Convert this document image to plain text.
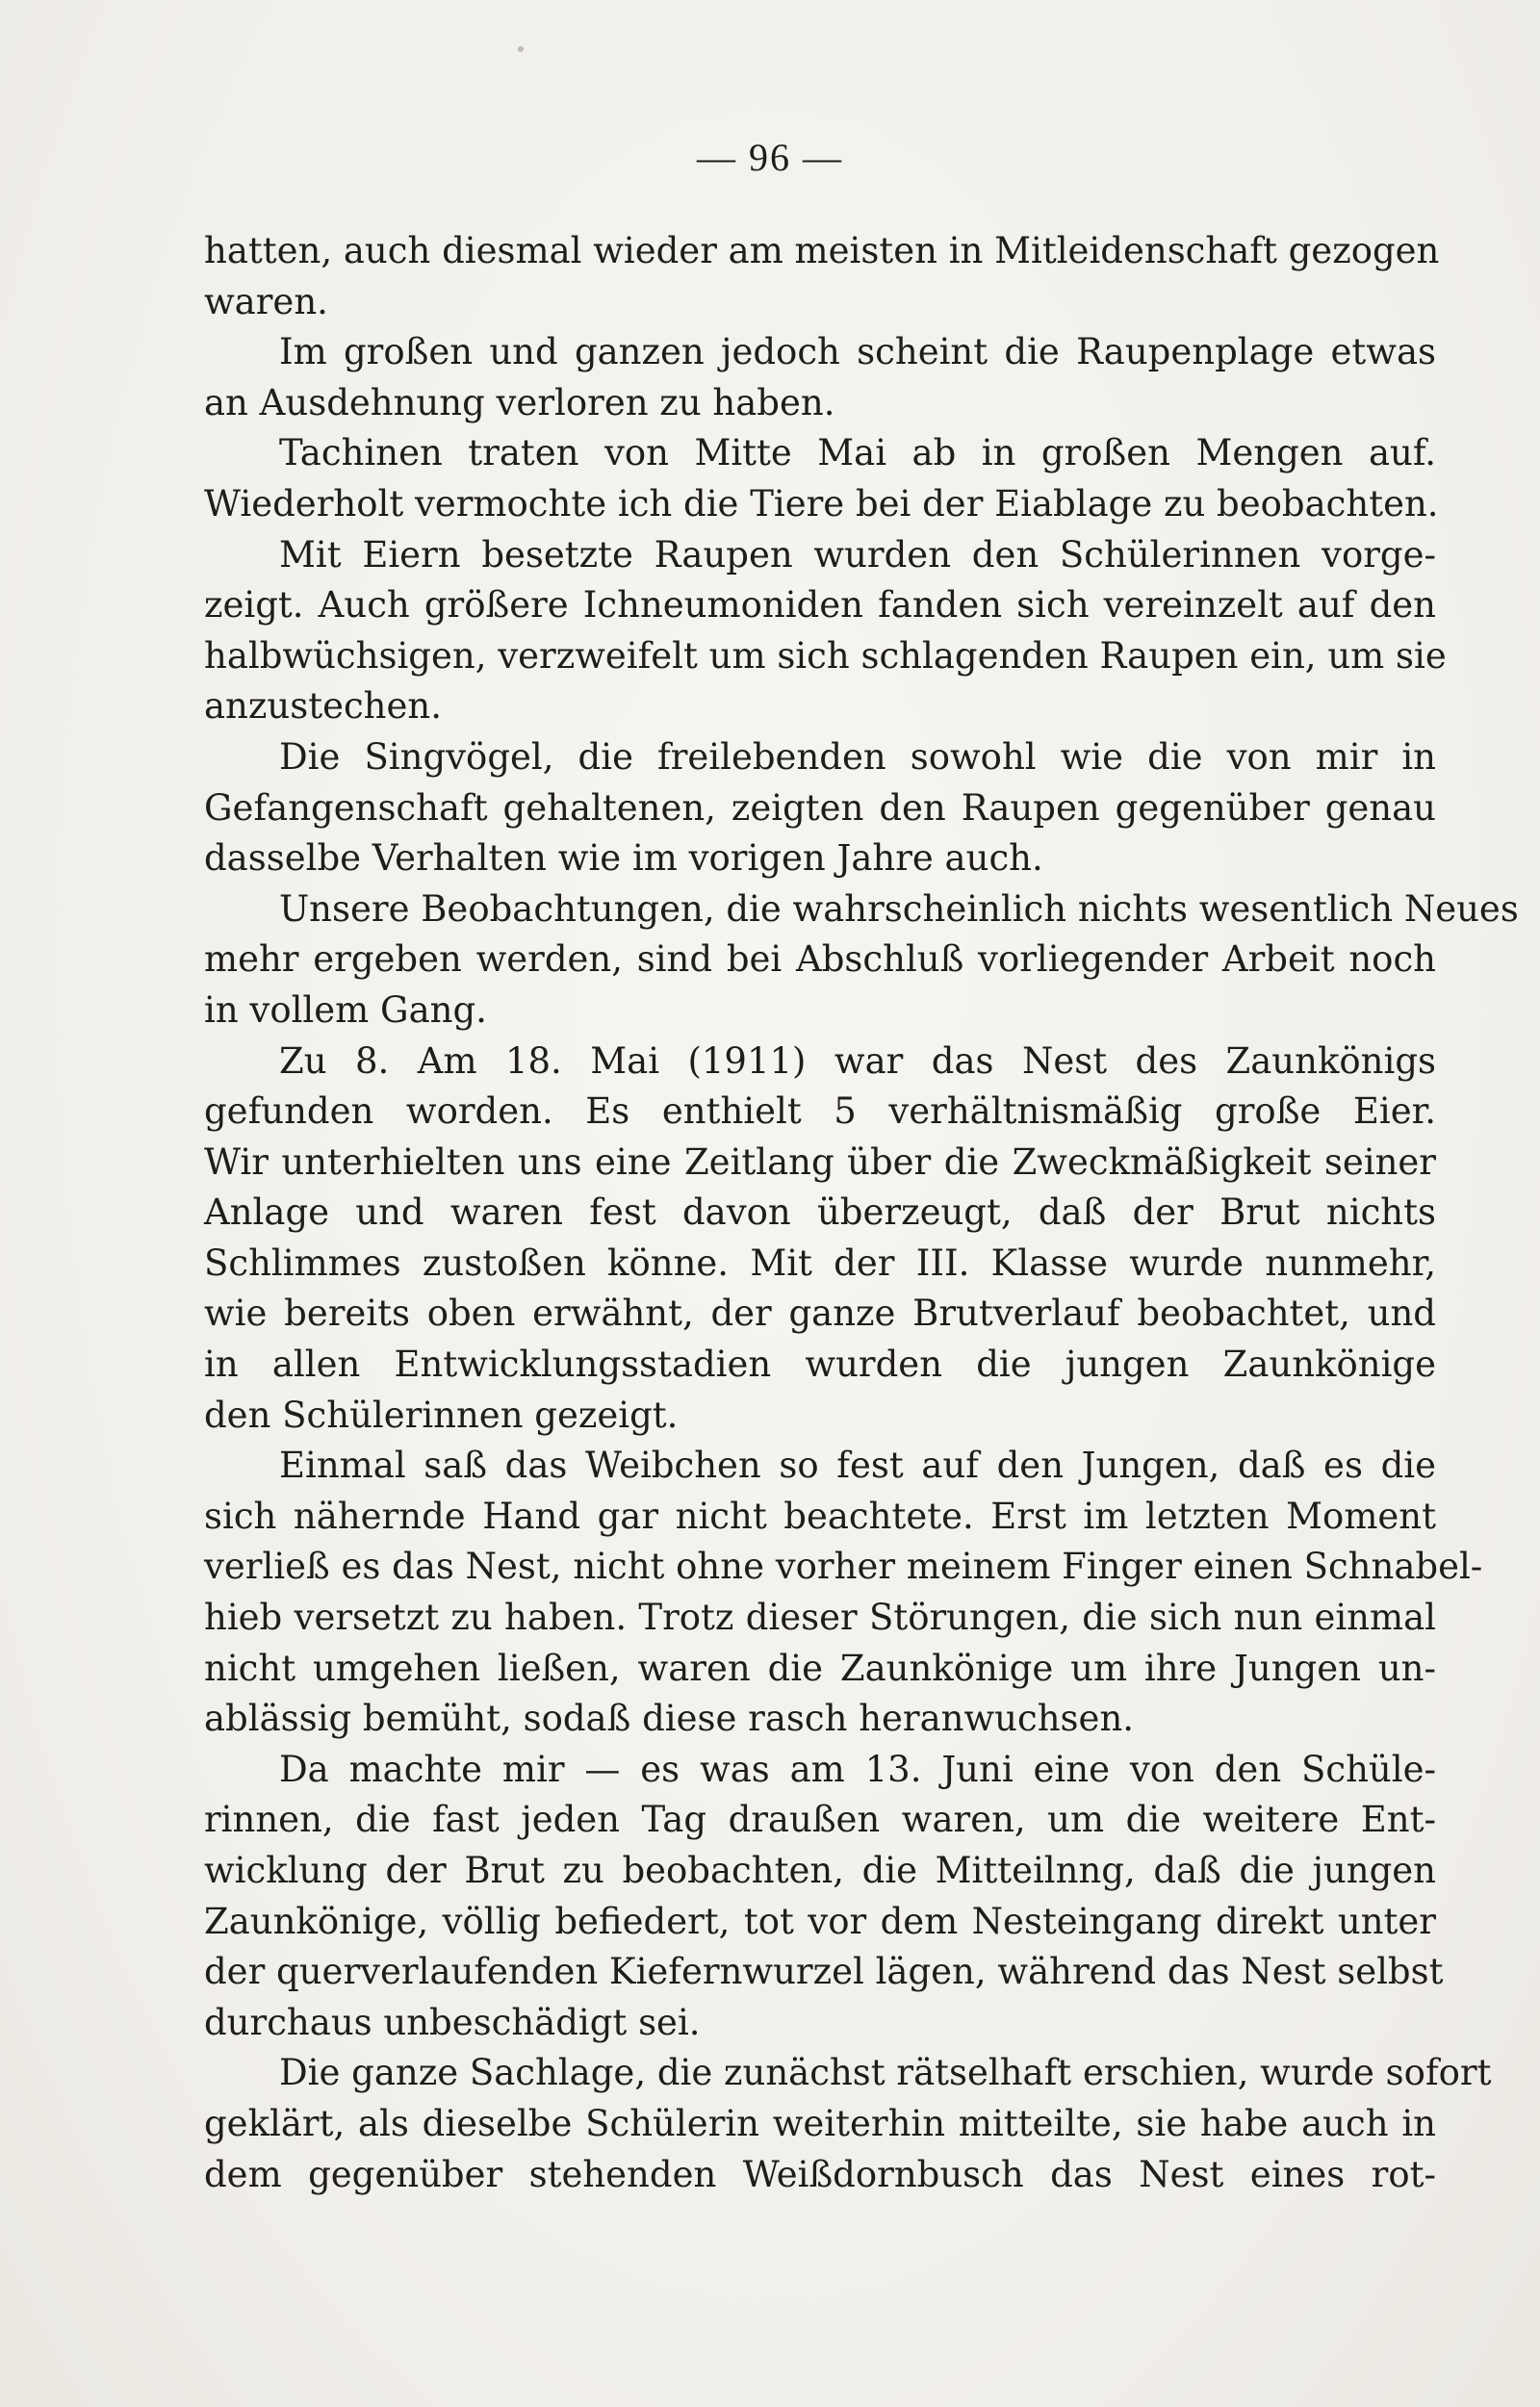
— 96 —
hatten, auch diesmal wieder am meisten in Mitleidenschaft gezogen
waren.
Im großen und ganzen jedoch scheint die Raupenplage etwas
an Ausdehnung verloren zu haben.
Tachinen traten von Mitte Mai ab in großen Mengen auf.
Wiederholt vermochte ich die Tiere bei der Eiablage zu beobachten.
Mit Eiern besetzte Raupen wurden den Schülerinnen vorge-
zeigt. Auch größere Ichneumoniden fanden sich vereinzelt auf den
halbwüchsigen, verzweifelt um sich schlagenden Raupen ein, um sie
anzustechen.
Die Singvögel, die freilebenden sowohl wie die von mir in
Gefangenschaft gehaltenen, zeigten den Raupen gegenüber genau
dasselbe Verhalten wie im vorigen Jahre auch.
Unsere Beobachtungen, die wahrscheinlich nichts wesentlich Neues
mehr ergeben werden, sind bei Abschluß vorliegender Arbeit noch
in vollem Gang.
Zu 8. Am 18. Mai (1911) war das Nest des Zaunkönigs
gefunden worden. Es enthielt 5 verhältnismäßig große Eier.
Wir unterhielten uns eine Zeitlang über die Zweckmäßigkeit seiner
Anlage und waren fest davon überzeugt, daß der Brut nichts
Schlimmes zustoßen könne. Mit der III. Klasse wurde nunmehr,
wie bereits oben erwähnt, der ganze Brutverlauf beobachtet, und
in allen Entwicklungsstadien wurden die jungen Zaunkönige
den Schülerinnen gezeigt.
Einmal saß das Weibchen so fest auf den Jungen, daß es die
sich nähernde Hand gar nicht beachtete. Erst im letzten Moment
verließ es das Nest, nicht ohne vorher meinem Finger einen Schnabel-
hieb versetzt zu haben. Trotz dieser Störungen, die sich nun einmal
nicht umgehen ließen, waren die Zaunkönige um ihre Jungen un-
ablässig bemüht, sodaß diese rasch heranwuchsen.
Da machte mir — es was am 13. Juni eine von den Schüle-
rinnen, die fast jeden Tag draußen waren, um die weitere Ent-
wicklung der Brut zu beobachten, die Mitteilnng, daß die jungen
Zaunkönige, völlig befiedert, tot vor dem Nesteingang direkt unter
der querverlaufenden Kiefernwurzel lägen, während das Nest selbst
durchaus unbeschädigt sei.
Die ganze Sachlage, die zunächst rätselhaft erschien, wurde sofort
geklärt, als dieselbe Schülerin weiterhin mitteilte, sie habe auch in
dem gegenüber stehenden Weißdornbusch das Nest eines rot-
